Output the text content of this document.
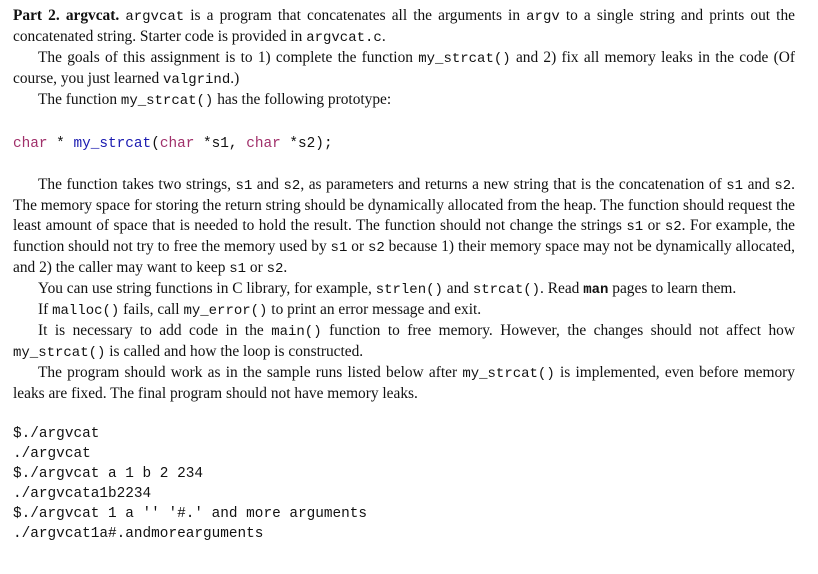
Part 2. argvcat. argvcat is a program that concatenates all the arguments in argv to a single string and prints out the concatenated string. Starter code is provided in argvcat.c.

The goals of this assignment is to 1) complete the function my_strcat() and 2) fix all memory leaks in the code (Of course, you just learned valgrind.)

The function my_strcat() has the following prototype:

char * my_strcat(char *s1, char *s2);

The function takes two strings, s1 and s2, as parameters and returns a new string that is the concatenation of s1 and s2. The memory space for storing the return string should be dynamically allocated from the heap. The function should request the least amount of space that is needed to hold the result. The function should not change the strings s1 or s2. For example, the function should not try to free the memory used by s1 or s2 because 1) their memory space may not be dynamically allocated, and 2) the caller may want to keep s1 or s2.

You can use string functions in C library, for example, strlen() and strcat(). Read man pages to learn them.

If malloc() fails, call my_error() to print an error message and exit.

It is necessary to add code in the main() function to free memory. However, the changes should not affect how my_strcat() is called and how the loop is constructed.

The program should work as in the sample runs listed below after my_strcat() is implemented, even before memory leaks are fixed. The final program should not have memory leaks.

$./argvcat
./argvcat
$./argvcat a 1 b 2 234
./argvcata1b2234
$./argvcat 1 a '' '#.' and more arguments
./argvcat1a#.andmorearguments
